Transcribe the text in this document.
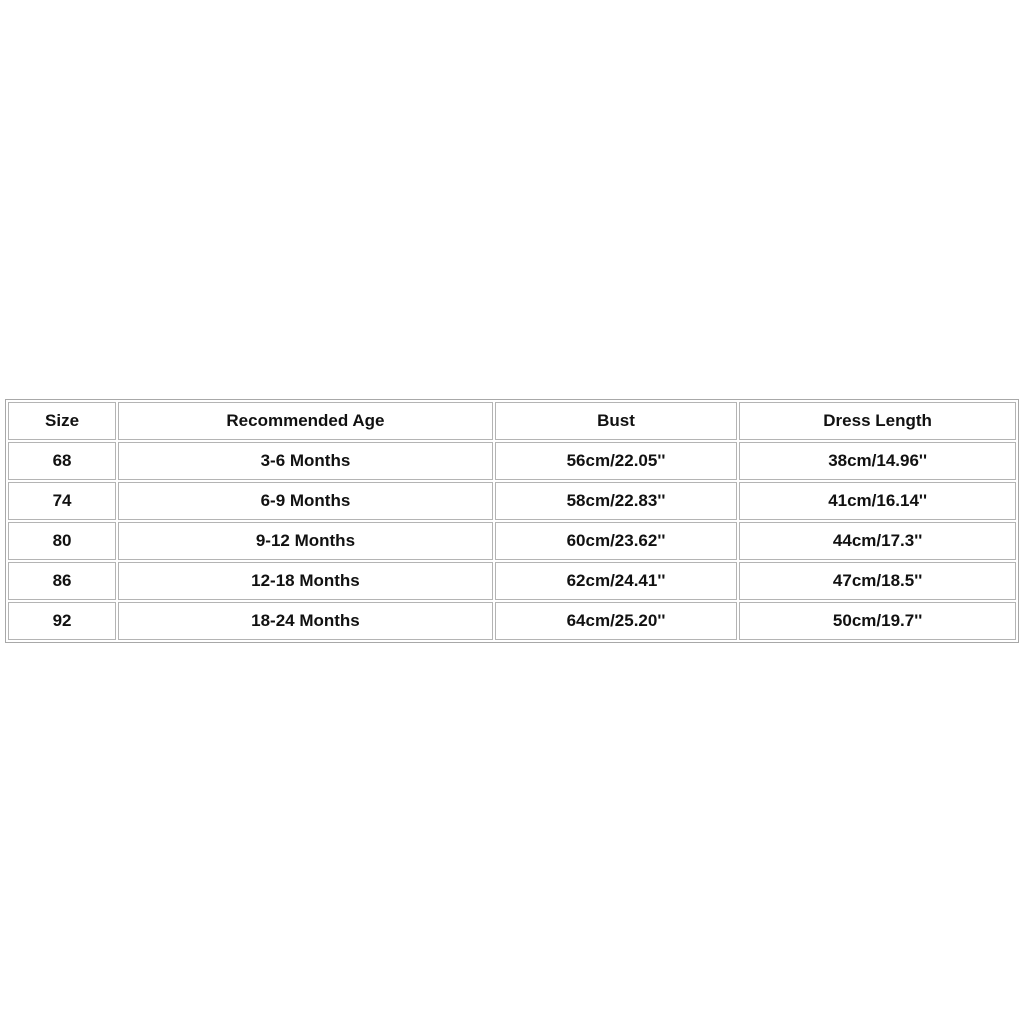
Size	Recommended Age	Bust	Dress Length
68	3-6 Months	56cm/22.05''	38cm/14.96''
74	6-9 Months	58cm/22.83''	41cm/16.14''
80	9-12 Months	60cm/23.62''	44cm/17.3''
86	12-18 Months	62cm/24.41''	47cm/18.5''
92	18-24 Months	64cm/25.20''	50cm/19.7''
